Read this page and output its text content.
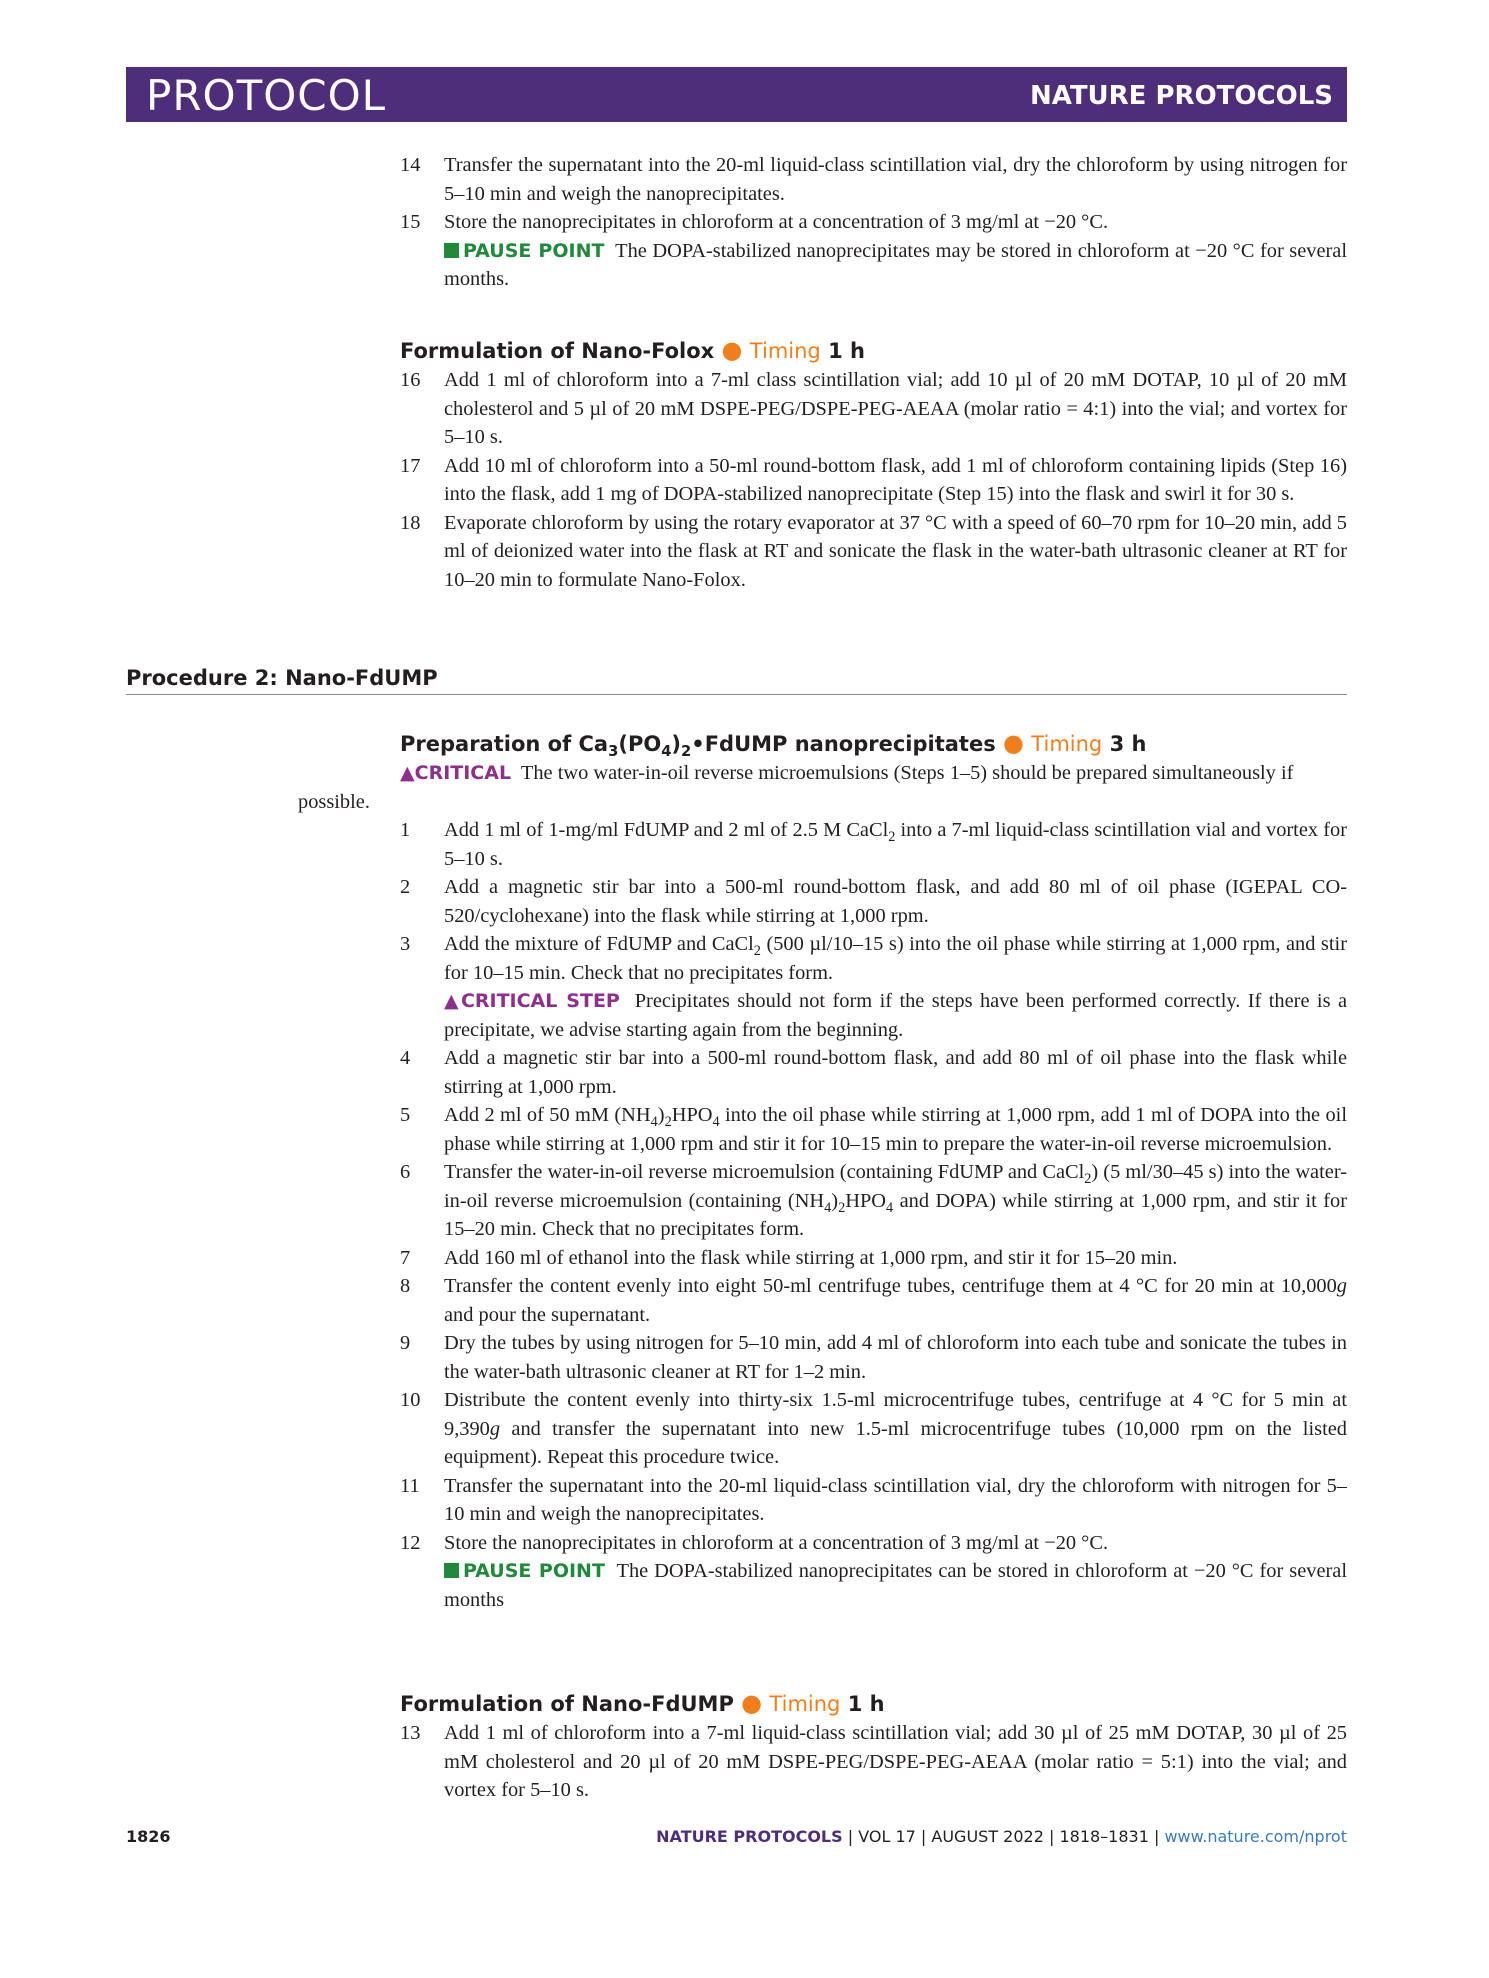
PROTOCOL	NATURE PROTOCOLS
14 Transfer the supernatant into the 20-ml liquid-class scintillation vial, dry the chloroform by using nitrogen for 5–10 min and weigh the nanoprecipitates.
15 Store the nanoprecipitates in chloroform at a concentration of 3 mg/ml at −20 °C.
PAUSE POINT The DOPA-stabilized nanoprecipitates may be stored in chloroform at −20 °C for several months.
Formulation of Nano-Folox ● Timing 1 h
16 Add 1 ml of chloroform into a 7-ml class scintillation vial; add 10 µl of 20 mM DOTAP, 10 µl of 20 mM cholesterol and 5 µl of 20 mM DSPE-PEG/DSPE-PEG-AEAA (molar ratio = 4:1) into the vial; and vortex for 5–10 s.
17 Add 10 ml of chloroform into a 50-ml round-bottom flask, add 1 ml of chloroform containing lipids (Step 16) into the flask, add 1 mg of DOPA-stabilized nanoprecipitate (Step 15) into the flask and swirl it for 30 s.
18 Evaporate chloroform by using the rotary evaporator at 37 °C with a speed of 60–70 rpm for 10–20 min, add 5 ml of deionized water into the flask at RT and sonicate the flask in the water-bath ultrasonic cleaner at RT for 10–20 min to formulate Nano-Folox.
Procedure 2: Nano-FdUMP
Preparation of $Ca_3(PO_4)_2•FdUMP$ nanoprecipitates ● Timing 3 h
▲CRITICAL The two water-in-oil reverse microemulsions (Steps 1–5) should be prepared simultaneously if possible.
1 Add 1 ml of 1-mg/ml FdUMP and 2 ml of 2.5 M CaCl$_2$ into a 7-ml liquid-class scintillation vial and vortex for 5–10 s.
2 Add a magnetic stir bar into a 500-ml round-bottom flask, and add 80 ml of oil phase (IGEPAL CO-520/cyclohexane) into the flask while stirring at 1,000 rpm.
3 Add the mixture of FdUMP and CaCl$_2$ (500 µl/10–15 s) into the oil phase while stirring at 1,000 rpm, and stir for 10–15 min. Check that no precipitates form.
▲CRITICAL STEP Precipitates should not form if the steps have been performed correctly. If there is a precipitate, we advise starting again from the beginning.
4 Add a magnetic stir bar into a 500-ml round-bottom flask, and add 80 ml of oil phase into the flask while stirring at 1,000 rpm.
5 Add 2 ml of 50 mM $(NH_4)_2HPO_4$ into the oil phase while stirring at 1,000 rpm, add 1 ml of DOPA into the oil phase while stirring at 1,000 rpm and stir it for 10–15 min to prepare the water-in-oil reverse microemulsion.
6 Transfer the water-in-oil reverse microemulsion (containing FdUMP and CaCl$_2$) (5 ml/30–45 s) into the water-in-oil reverse microemulsion (containing $(NH_4)_2HPO_4$ and DOPA) while stirring at 1,000 rpm, and stir it for 15–20 min. Check that no precipitates form.
7 Add 160 ml of ethanol into the flask while stirring at 1,000 rpm, and stir it for 15–20 min.
8 Transfer the content evenly into eight 50-ml centrifuge tubes, centrifuge them at 4 °C for 20 min at 10,000g and pour the supernatant.
9 Dry the tubes by using nitrogen for 5–10 min, add 4 ml of chloroform into each tube and sonicate the tubes in the water-bath ultrasonic cleaner at RT for 1–2 min.
10 Distribute the content evenly into thirty-six 1.5-ml microcentrifuge tubes, centrifuge at 4 °C for 5 min at 9,390g and transfer the supernatant into new 1.5-ml microcentrifuge tubes (10,000 rpm on the listed equipment). Repeat this procedure twice.
11 Transfer the supernatant into the 20-ml liquid-class scintillation vial, dry the chloroform with nitrogen for 5–10 min and weigh the nanoprecipitates.
12 Store the nanoprecipitates in chloroform at a concentration of 3 mg/ml at −20 °C.
PAUSE POINT The DOPA-stabilized nanoprecipitates can be stored in chloroform at −20 °C for several months
Formulation of Nano-FdUMP ● Timing 1 h
13 Add 1 ml of chloroform into a 7-ml liquid-class scintillation vial; add 30 µl of 25 mM DOTAP, 30 µl of 25 mM cholesterol and 20 µl of 20 mM DSPE-PEG/DSPE-PEG-AEAA (molar ratio = 5:1) into the vial; and vortex for 5–10 s.
1826	NATURE PROTOCOLS | VOL 17 | AUGUST 2022 | 1818–1831 | www.nature.com/nprot
